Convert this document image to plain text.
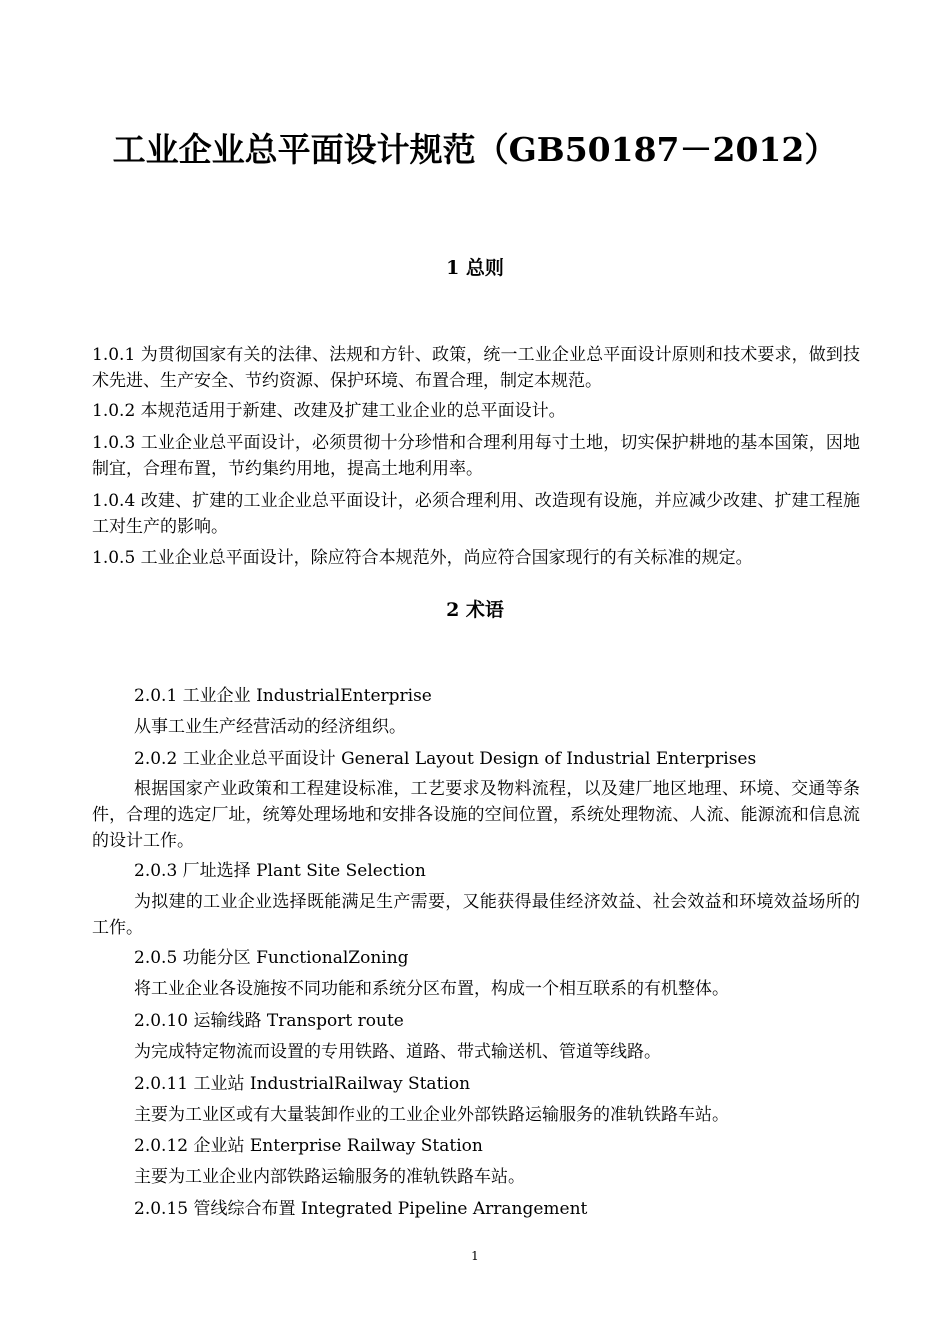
工业企业总平面设计规范（GB50187－2012）
1 总则
1.0.1 为贯彻国家有关的法律、法规和方针、政策，统一工业企业总平面设计原则和技术要求，做到技术先进、生产安全、节约资源、保护环境、布置合理，制定本规范。
1.0.2 本规范适用于新建、改建及扩建工业企业的总平面设计。
1.0.3 工业企业总平面设计，必须贯彻十分珍惜和合理利用每寸土地，切实保护耕地的基本国策，因地制宜，合理布置，节约集约用地，提高土地利用率。
1.0.4 改建、扩建的工业企业总平面设计，必须合理利用、改造现有设施，并应减少改建、扩建工程施工对生产的影响。
1.0.5 工业企业总平面设计，除应符合本规范外，尚应符合国家现行的有关标准的规定。
2 术语
2.0.1 工业企业 IndustrialEnterprise
从事工业生产经营活动的经济组织。
2.0.2 工业企业总平面设计 General Layout Design of Industrial Enterprises
根据国家产业政策和工程建设标准，工艺要求及物料流程，以及建厂地区地理、环境、交通等条件，合理的选定厂址，统筹处理场地和安排各设施的空间位置，系统处理物流、人流、能源流和信息流的设计工作。
2.0.3 厂址选择 Plant Site Selection
为拟建的工业企业选择既能满足生产需要，又能获得最佳经济效益、社会效益和环境效益场所的工作。
2.0.5 功能分区 FunctionalZoning
将工业企业各设施按不同功能和系统分区布置，构成一个相互联系的有机整体。
2.0.10 运输线路 Transport route
为完成特定物流而设置的专用铁路、道路、带式输送机、管道等线路。
2.0.11 工业站 IndustrialRailway Station
主要为工业区或有大量装卸作业的工业企业外部铁路运输服务的准轨铁路车站。
2.0.12 企业站 Enterprise Railway Station
主要为工业企业内部铁路运输服务的准轨铁路车站。
2.0.15 管线综合布置 Integrated Pipeline Arrangement
1
